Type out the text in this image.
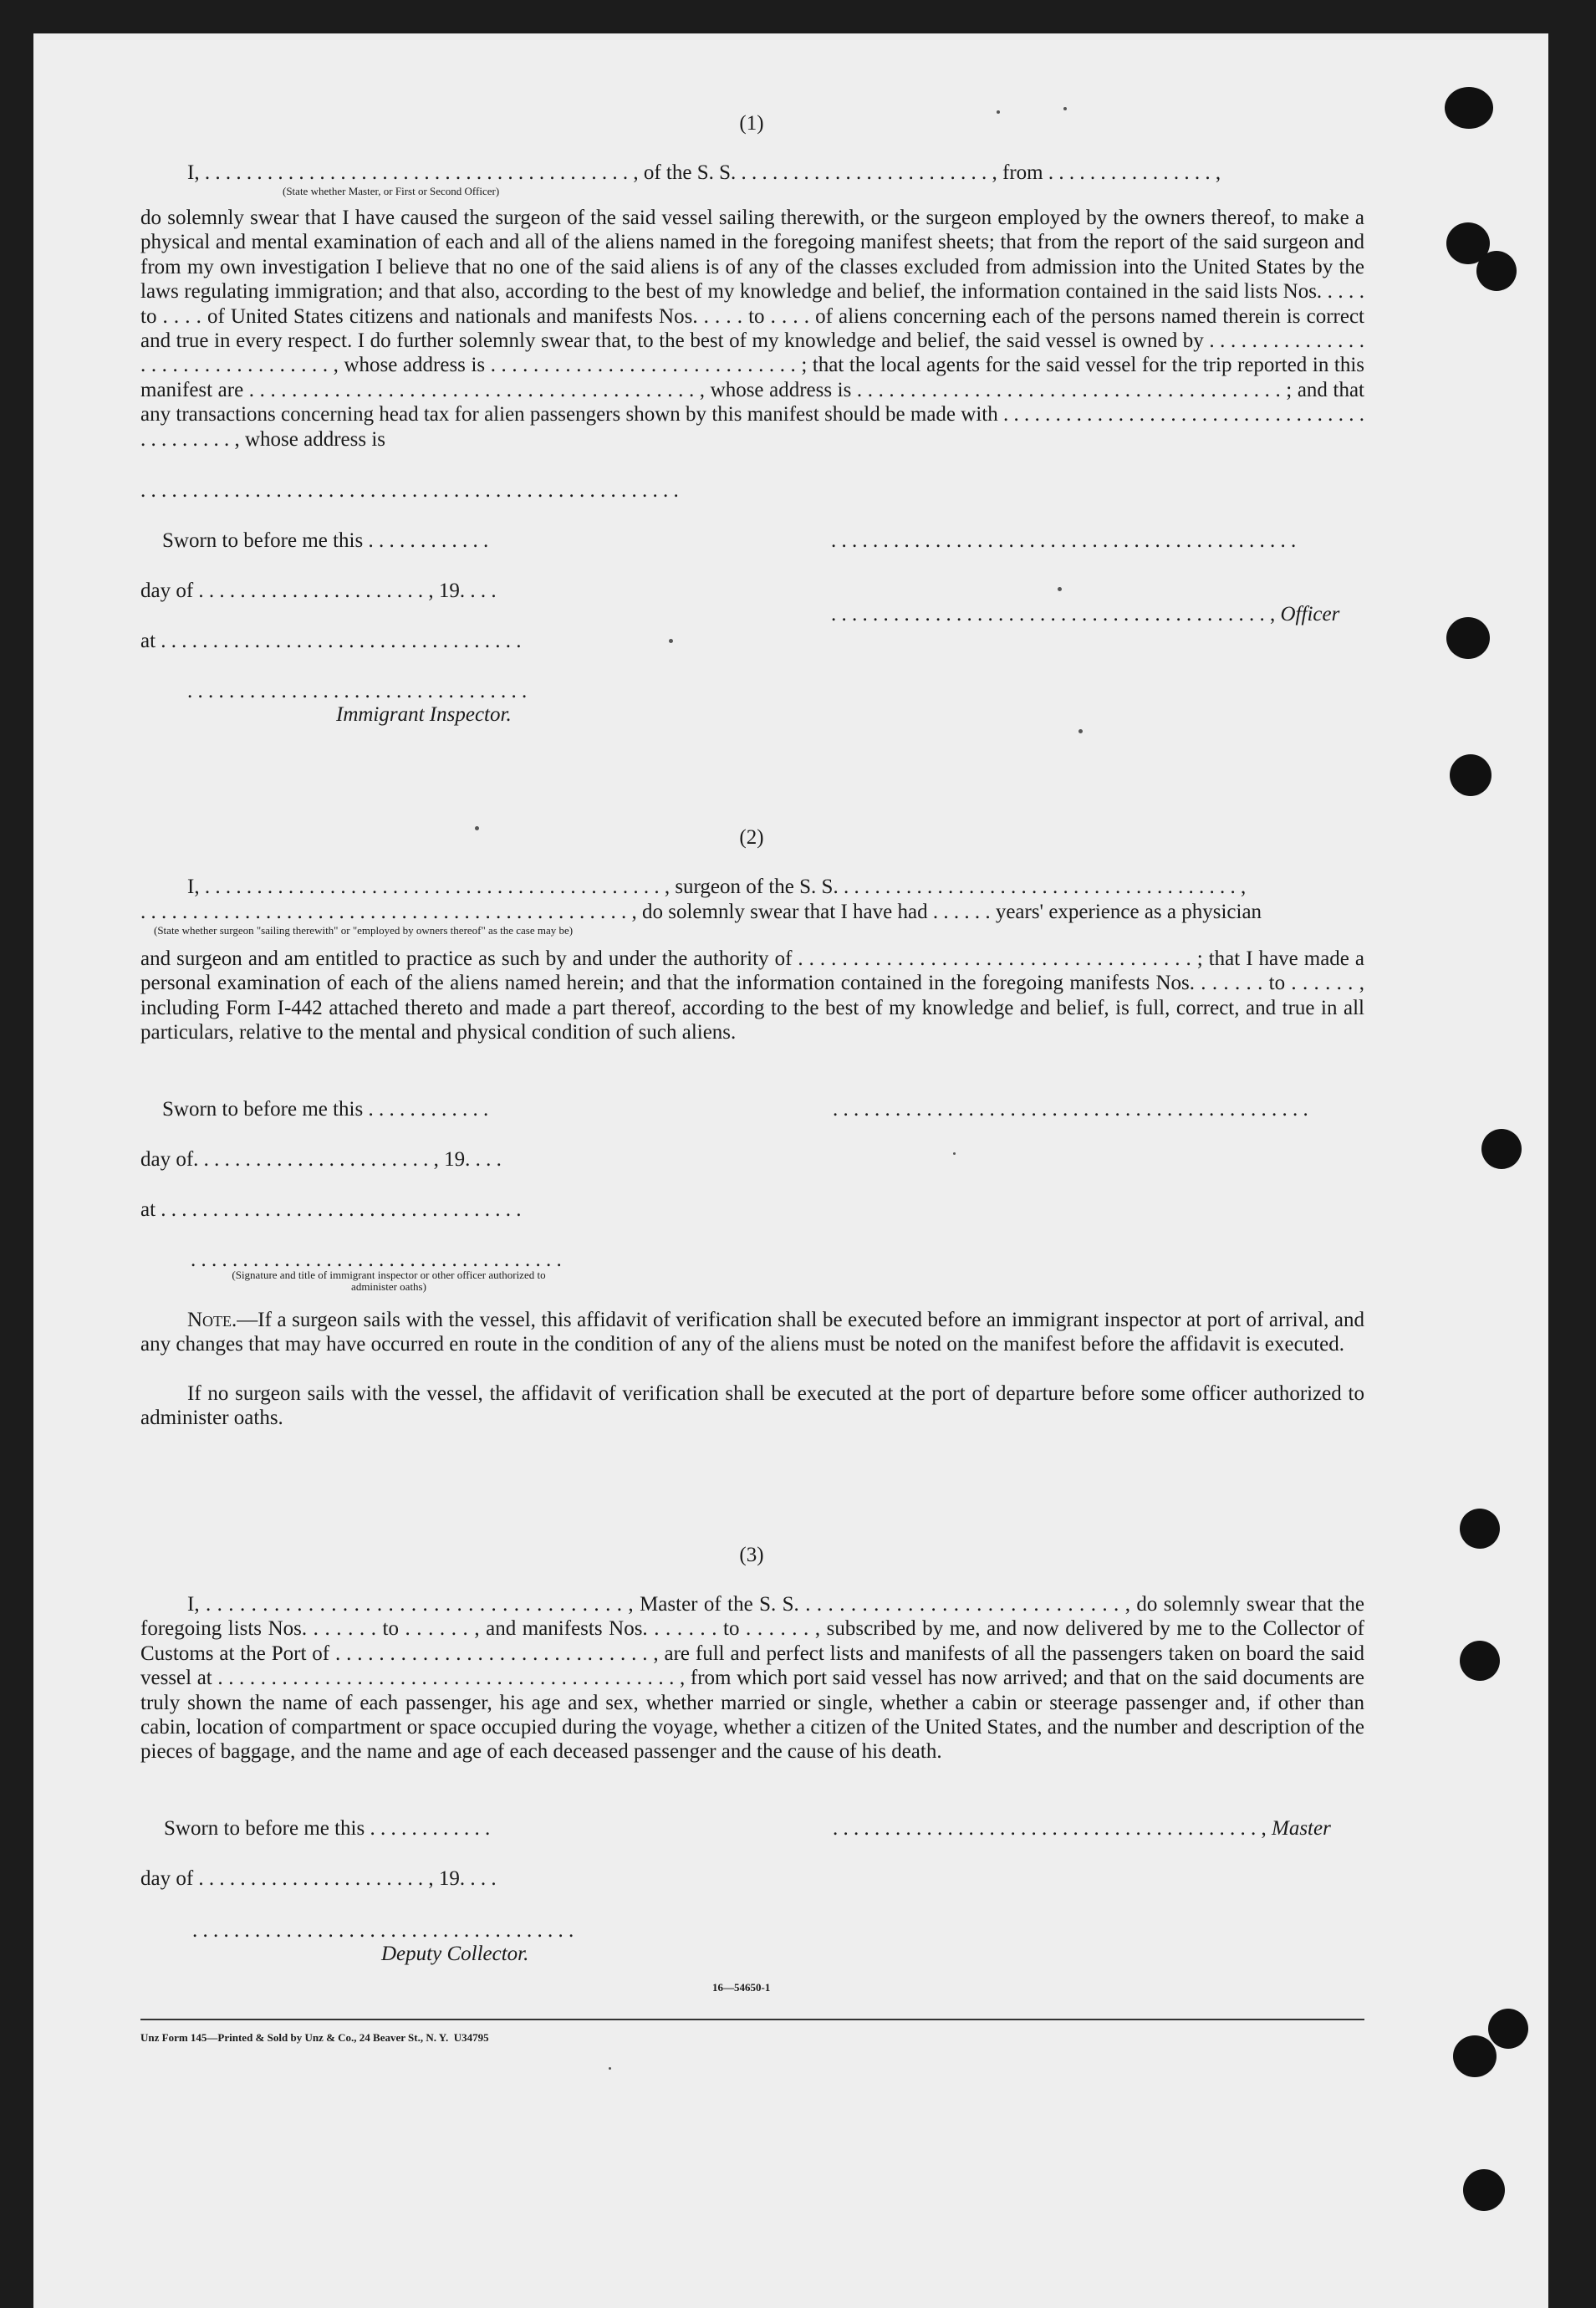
(1)
I, . . . . . . . . . . . . . . . . . . . . . . . . . . . . . . . . . . . . . . . . . , of the S. S. . . . . . . . . . . . . . . . . . . . . . . . . , from . . . . . . . . . . . . . . . . ,
(State whether Master, or First or Second Officer)
do solemnly swear that I have caused the surgeon of the said vessel sailing therewith, or the surgeon employed by the owners thereof, to make a physical and mental examination of each and all of the aliens named in the foregoing manifest sheets; that from the report of the said surgeon and from my own investigation I believe that no one of the said aliens is of any of the classes excluded from admission into the United States by the laws regulating immigration; and that also, according to the best of my knowledge and belief, the information contained in the said lists Nos. . . . . to . . . . of United States citizens and nationals and manifests Nos. . . . . to . . . . of aliens concerning each of the persons named therein is correct and true in every respect. I do further solemnly swear that, to the best of my knowledge and belief, the said vessel is owned by . . . . . . . . . . . . . . . . . . . . . . . . . . . . . . . . . , whose address is . . . . . . . . . . . . . . . . . . . . . . . . . . . . . ; that the local agents for the said vessel for the trip reported in this manifest are . . . . . . . . . . . . . . . . . . . . . . . . . . . . . . . . . . . . . . . . . . , whose address is . . . . . . . . . . . . . . . . . . . . . . . . . . . . . . . . . . . . . . . . ; and that any transactions concerning head tax for alien passengers shown by this manifest should be made with . . . . . . . . . . . . . . . . . . . . . . . . . . . . . . . . . . . . . . . . . . . . , whose address is
. . . . . . . . . . . . . . . . . . . . . . . . . . . . . . . . . . . . . . . . . . . . . . . . . . . .
Sworn to before me this . . . . . . . . . . . .	. . . . . . . . . . . . . . . . . . . . . . . . . . . . . . . . . . . . . . . . . . . . .
day of . . . . . . . . . . . . . . . . . . . . . . , 19. . . .
. . . . . . . . . . . . . . . . . . . . . . . . . . . . . . . . . . . . . . . . . . , Officer
at . . . . . . . . . . . . . . . . . . . . . . . . . . . . . . . . . . .
. . . . . . . . . . . . . . . . . . . . . . . . . . . . . . . . .
Immigrant Inspector.
(2)
I, . . . . . . . . . . . . . . . . . . . . . . . . . . . . . . . . . . . . . . . . . . . . , surgeon of the S. S. . . . . . . . . . . . . . . . . . . . . . . . . . . . . . . . . . . . . . . ,
. . . . . . . . . . . . . . . . . . . . . . . . . . . . . . . . . . . . . . . . . . . . . . . , do solemnly swear that I have had . . . . . . years' experience as a physician
(State whether surgeon "sailing therewith" or "employed by owners thereof" as the case may be)
and surgeon and am entitled to practice as such by and under the authority of . . . . . . . . . . . . . . . . . . . . . . . . . . . . . . . . . . . . ; that I have made a personal examination of each of the aliens named herein; and that the information contained in the foregoing manifests Nos. . . . . . . to . . . . . . , including Form I-442 attached thereto and made a part thereof, according to the best of my knowledge and belief, is full, correct, and true in all particulars, relative to the mental and physical condition of such aliens.
Sworn to before me this . . . . . . . . . . . .	. . . . . . . . . . . . . . . . . . . . . . . . . . . . . . . . . . . . . . . . . . . . . .
day of. . . . . . . . . . . . . . . . . . . . . . . , 19. . . .
at . . . . . . . . . . . . . . . . . . . . . . . . . . . . . . . . . . .
. . . . . . . . . . . . . . . . . . . . . . . . . . . . . . . . . . . .
(Signature and title of immigrant inspector or other officer authorized to administer oaths)
Note.—If a surgeon sails with the vessel, this affidavit of verification shall be executed before an immigrant inspector at port of arrival, and any changes that may have occurred en route in the condition of any of the aliens must be noted on the manifest before the affidavit is executed.
If no surgeon sails with the vessel, the affidavit of verification shall be executed at the port of departure before some officer authorized to administer oaths.
(3)
I, . . . . . . . . . . . . . . . . . . . . . . . . . . . . . . . . . . . . . , Master of the S. S. . . . . . . . . . . . . . . . . . . . . . . . . . . . . , do solemnly swear that the foregoing lists Nos. . . . . . . to . . . . . . , and manifests Nos. . . . . . . to . . . . . . , subscribed by me, and now delivered by me to the Collector of Customs at the Port of . . . . . . . . . . . . . . . . . . . . . . . . . . . . . , are full and perfect lists and manifests of all the passengers taken on board the said vessel at . . . . . . . . . . . . . . . . . . . . . . . . . . . . . . . . . . . . . . . . . . . , from which port said vessel has now arrived; and that on the said documents are truly shown the name of each passenger, his age and sex, whether married or single, whether a cabin or steerage passenger and, if other than cabin, location of compartment or space occupied during the voyage, whether a citizen of the United States, and the number and description of the pieces of baggage, and the name and age of each deceased passenger and the cause of his death.
Sworn to before me this . . . . . . . . . . . .	. . . . . . . . . . . . . . . . . . . . . . . . . . . . . . . . . . . . . . . . . , Master
day of . . . . . . . . . . . . . . . . . . . . . . , 19. . . .
. . . . . . . . . . . . . . . . . . . . . . . . . . . . . . . . . . . . .
Deputy Collector.
16—54650-1
Unz Form 145—Printed & Sold by Unz & Co., 24 Beaver St., N. Y.  U34795
